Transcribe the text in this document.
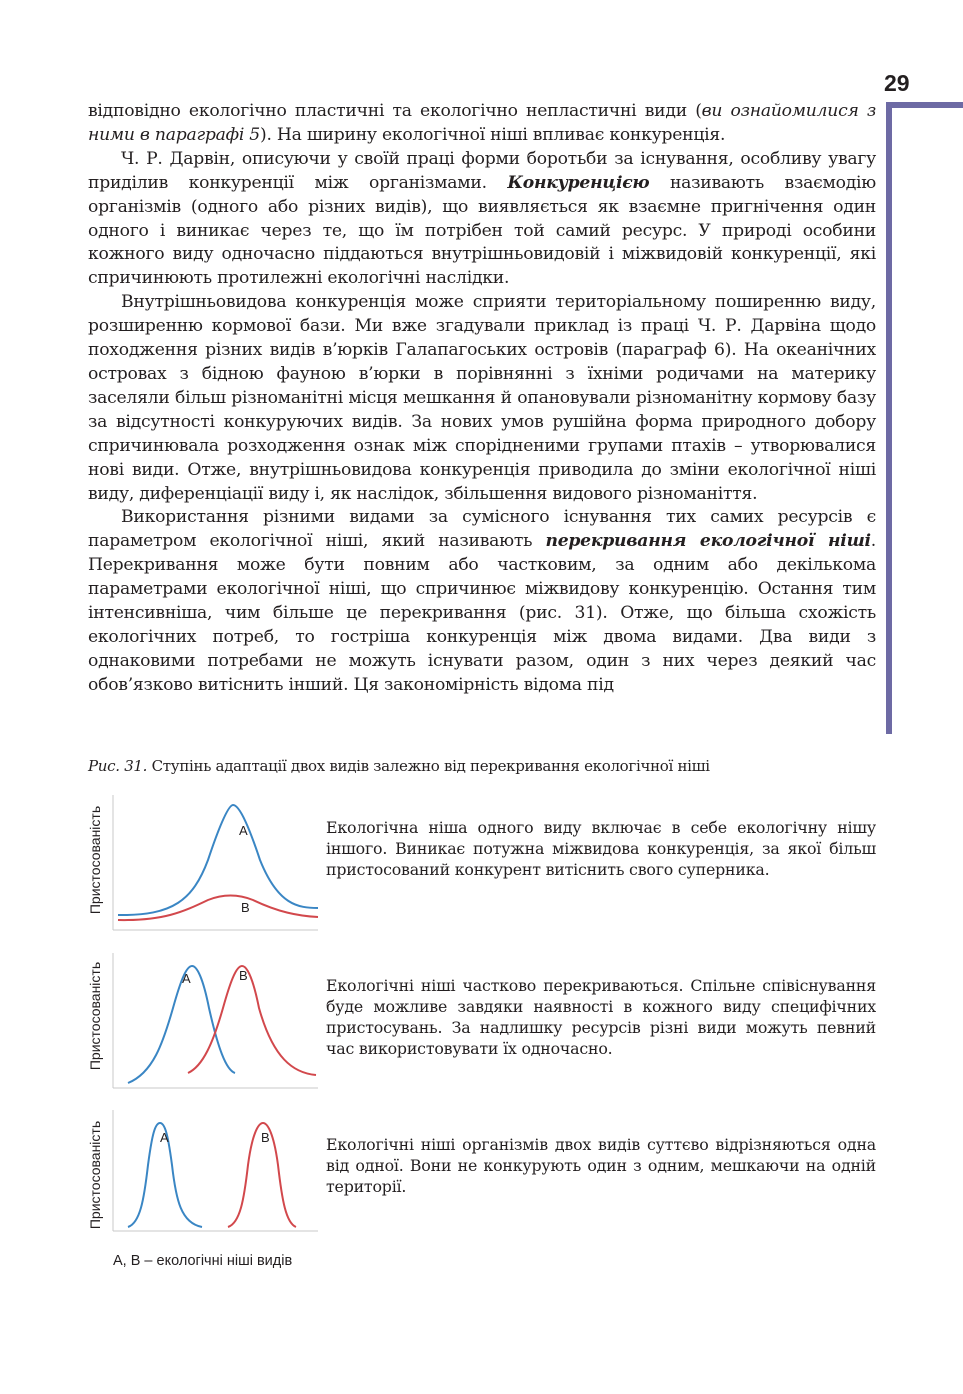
29

відповідно екологічно пластичні та екологічно непластичні види (ви ознайомилися з ними в параграфі 5). На ширину екологічної ніші впливає конкуренція.

Ч. Р. Дарвін, описуючи у своїй праці форми боротьби за існування, особливу увагу приділив конкуренції між організмами. Конкуренцією називають взаємодію організмів (одного або різних видів), що виявляється як взаємне пригнічення один одного і виникає через те, що їм потрібен той самий ресурс. У природі особини кожного виду одночасно піддаються внутрішньовидовій і міжвидовій конкуренції, які спричинюють протилежні екологічні наслідки.

Внутрішньовидова конкуренція може сприяти територіальному поширенню виду, розширенню кормової бази. Ми вже згадували приклад із праці Ч. Р. Дарвіна щодо походження різних видів в’юрків Галапагоських островів (параграф 6). На океанічних островах з бідною фауною в’юрки в порівнянні з їхніми родичами на материку заселяли більш різноманітні місця мешкання й опановували різноманітну кормову базу за відсутності конкуруючих видів. За нових умов рушійна форма природного добору спричинювала розходження ознак між спорідненими групами птахів – утворювалися нові види. Отже, внутрішньовидова конкуренція приводила до зміни екологічної ніші виду, диференціації виду і, як наслідок, збільшення видового різноманіття.

Використання різними видами за сумісного існування тих самих ресурсів є параметром екологічної ніші, який називають перекривання екологічної ніші. Перекривання може бути повним або частковим, за одним або декількома параметрами екологічної ніші, що спричинює міжвидову конкуренцію. Остання тим інтенсивніша, чим більше це перекривання (рис. 31). Отже, що більша схожість екологічних потреб, то гостріша конкуренція між двома видами. Два види з однаковими потребами не можуть існувати разом, один з них через деякий час обов’язково витіснить інший. Ця закономірність відома під

Рис. 31. Ступінь адаптації двох видів залежно від перекривання екологічної ніші
Пристосованість	A
B

Екологічна ніша одного виду включає в себе екологічну нішу іншого. Виникає потужна міжвидова конкуренція, за якої більш пристосований конкурент витіснить свого суперника.

Пристосованість	A	B

Екологічні ніші частково перекриваються. Спільне співіснування буде можливе завдяки наявності в кожного виду специфічних пристосувань. За надлишку ресурсів різні види можуть певний час використовувати їх одночасно.

Пристосованість	A	B	Екологічні ніші організмів двох видів суттєво відрізняються одна від одної. Вони не конкурують один з одним, мешкаючи на одній території.

A, B – екологічні ніші видів
